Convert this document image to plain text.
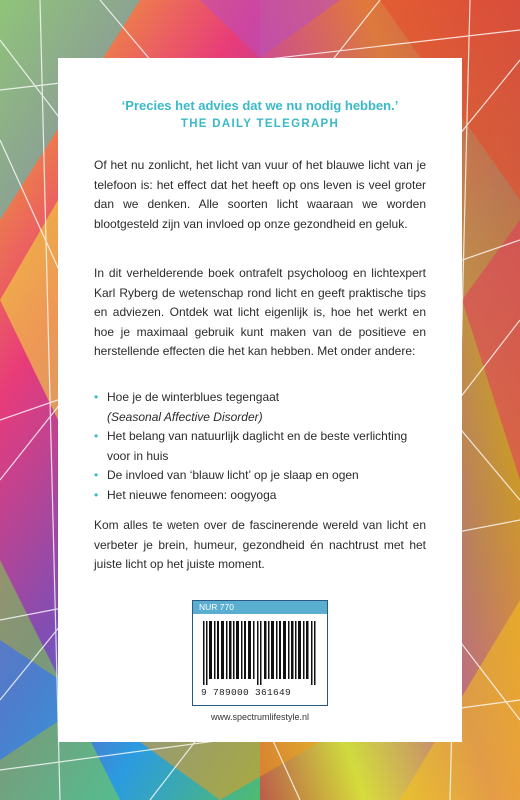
‘Precies het advies dat we nu nodig hebben.’
THE DAILY TELEGRAPH
Of het nu zonlicht, het licht van vuur of het blauwe licht van je telefoon is: het effect dat het heeft op ons leven is veel groter dan we denken. Alle soorten licht waaraan we worden blootgesteld zijn van invloed op onze gezondheid en geluk.
In dit verhelderende boek ontrafelt psycholoog en lichtexpert Karl Ryberg de wetenschap rond licht en geeft praktische tips en adviezen. Ontdek wat licht eigenlijk is, hoe het werkt en hoe je maximaal gebruik kunt maken van de positieve en herstellende effecten die het kan hebben. Met onder andere:
• Hoe je de winterblues tegengaat
(Seasonal Affective Disorder)
• Het belang van natuurlijk daglicht en de beste verlichting voor in huis
• De invloed van ‘blauw licht’ op je slaap en ogen
• Het nieuwe fenomeen: oogyoga
Kom alles te weten over de fascinerende wereld van licht en verbeter je brein, humeur, gezondheid én nachtrust met het juiste licht op het juiste moment.
NUR 770
9 789000 361649
www.spectrumlifestyle.nl
